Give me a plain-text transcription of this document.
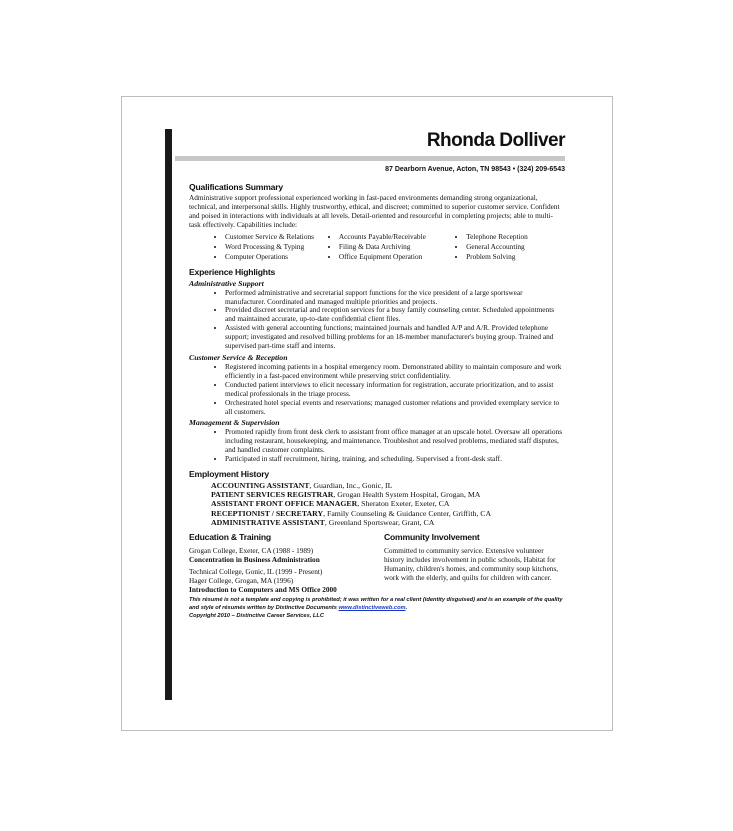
Rhonda Dolliver
87 Dearborn Avenue, Acton, TN 98543 • (324) 209-6543
Qualifications Summary

Administrative support professional experienced working in fast-paced environments demanding strong organizational, technical, and interpersonal skills. Highly trustworthy, ethical, and discreet; committed to superior customer service. Confident and poised in interactions with individuals at all levels. Detail-oriented and resourceful in completing projects; able to multi-task effectively. Capabilities include:

• Customer Service & Relations
• Word Processing & Typing
• Computer Operations
• Accounts Payable/Receivable
• Filing & Data Archiving
• Office Equipment Operation
• Telephone Reception
• General Accounting
• Problem Solving
Experience Highlights
Administrative Support
• Performed administrative and secretarial support functions for the vice president of a large sportswear manufacturer. Coordinated and managed multiple priorities and projects.
• Provided discreet secretarial and reception services for a busy family counseling center. Scheduled appointments and maintained accurate, up-to-date confidential client files.
• Assisted with general accounting functions; maintained journals and handled A/P and A/R. Provided telephone support; investigated and resolved billing problems for an 18-member manufacturer's buying group. Trained and supervised part-time staff and interns.
Customer Service & Reception
• Registered incoming patients in a hospital emergency room. Demonstrated ability to maintain composure and work efficiently in a fast-paced environment while preserving strict confidentiality.
• Conducted patient interviews to elicit necessary information for registration, accurate prioritization, and to assist medical professionals in the triage process.
• Orchestrated hotel special events and reservations; managed customer relations and provided exemplary service to all customers.
Management & Supervision
• Promoted rapidly from front desk clerk to assistant front office manager at an upscale hotel. Oversaw all operations including restaurant, housekeeping, and maintenance. Troubleshot and resolved problems, mediated staff disputes, and handled customer complaints.
• Participated in staff recruitment, hiring, training, and scheduling. Supervised a front-desk staff.
Employment History
ACCOUNTING ASSISTANT, Guardian, Inc., Gonic, IL
PATIENT SERVICES REGISTRAR, Grogan Health System Hospital, Grogan, MA
ASSISTANT FRONT OFFICE MANAGER, Sheraton Exeter, Exeter, CA
RECEPTIONIST / SECRETARY, Family Counseling & Guidance Center, Griffith, CA
ADMINISTRATIVE ASSISTANT, Greenland Sportswear, Grant, CA
Education & Training

Grogan College, Exeter, CA (1988 - 1989)

Concentration in Business Administration

Technical College, Gonic, IL (1999 - Present)

Hager College, Grogan, MA (1996)

Introduction to Computers and MS Office 2000

Community Involvement

Committed to community service. Extensive volunteer history includes involvement in public schools, Habitat for Humanity, children's homes, and community soup kitchens, work with the elderly, and quilts for children with cancer.

This résumé is not a template and copying is prohibited; it was written for a real client (identity disguised) and is an example of the quality and style of résumés written by Distinctive Documents www.distinctiveweb.com.
Copyright 2010 – Distinctive Career Services, LLC
